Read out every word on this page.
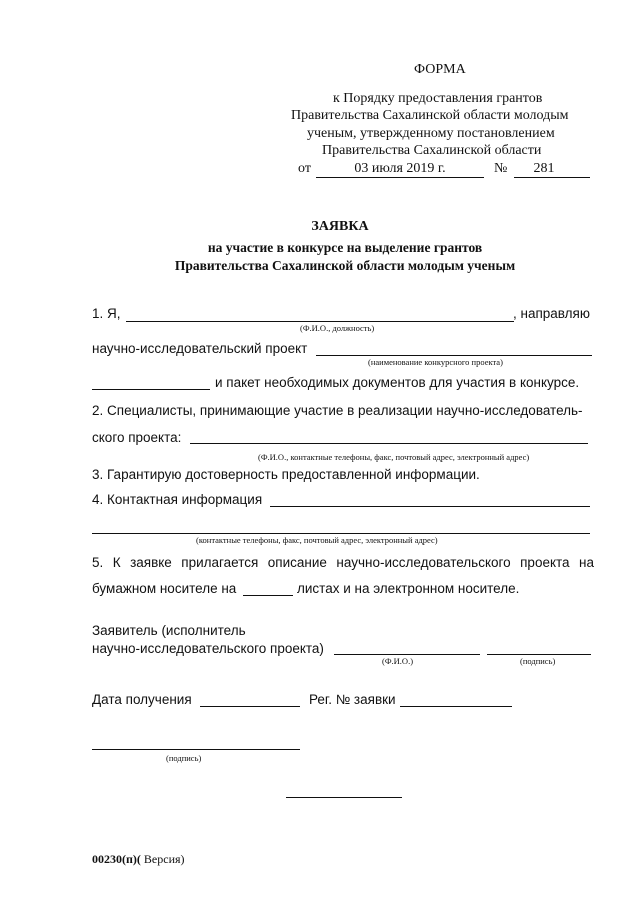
ФОРМА
к Порядку предоставления грантов
Правительства Сахалинской области молодым
ученым, утвержденному постановлением
Правительства Сахалинской области
от	03 июля 2019 г.	№	281
ЗАЯВКА
на участие в конкурсе на выделение грантов
Правительства Сахалинской области молодым ученым
1. Я,	, направляю
(Ф.И.О., должность)
научно-исследовательский проект
(наименование конкурсного проекта)
и пакет необходимых документов для участия в конкурсе.
2. Специалисты, принимающие участие в реализации научно-исследователь-
ского проекта:
(Ф.И.О., контактные телефоны, факс, почтовый адрес, электронный адрес)
3. Гарантирую достоверность предоставленной информации.
4. Контактная информация
(контактные телефоны, факс, почтовый адрес, электронный адрес)
5. К заявке прилагается описание научно-исследовательского проекта на
бумажном носителе на	листах и на электронном носителе.
Заявитель (исполнитель
научно-исследовательского проекта)
(Ф.И.О.)	(подпись)
Дата получения	Рег. № заявки
(подпись)
00230(п)( Версия)
